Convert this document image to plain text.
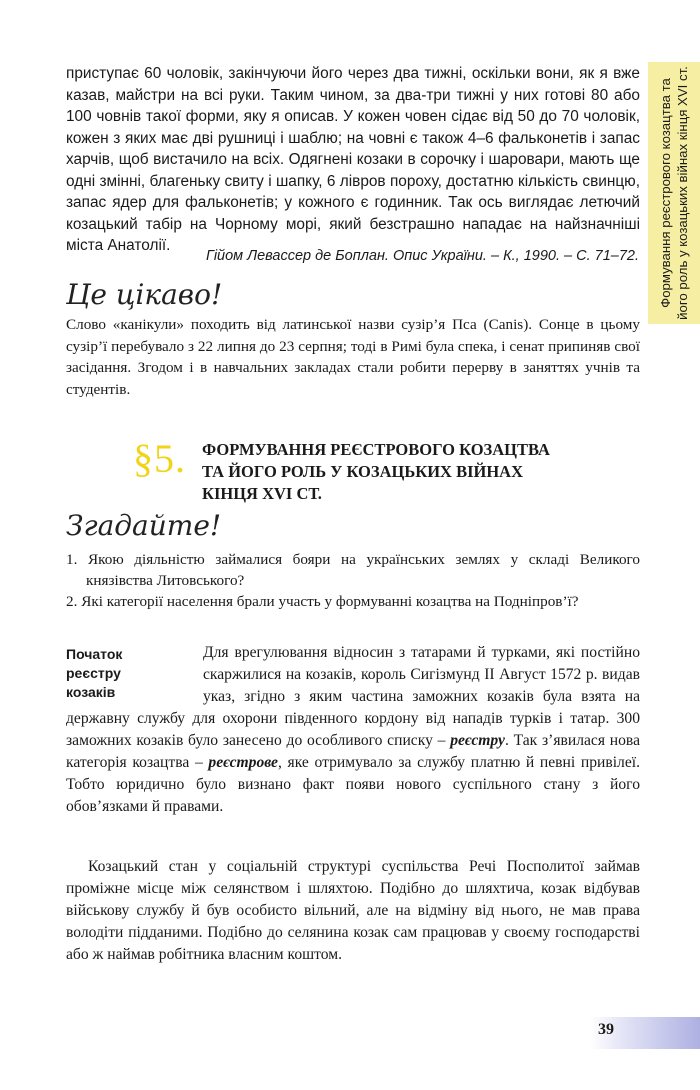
приступає 60 чоловік, закінчуючи його через два тижні, оскільки вони, як я вже казав, майстри на всі руки. Таким чином, за два-три тижні у них готові 80 або 100 човнів такої форми, яку я описав. У кожен човен сідає від 50 до 70 чоловік, кожен з яких має дві рушниці і шаблю; на човні є також 4–6 фальконетів і запас харчів, щоб вистачило на всіх. Одягнені козаки в сорочку і шаровари, мають ще одні змінні, благеньку свиту і шапку, 6 лівров пороху, достатню кількість свинцю, запас ядер для фальконетів; у кожного є годинник. Так ось виглядає летючий козацький табір на Чорному морі, який безстрашно нападає на найзначніші міста Анатолії.

Гійом Левассер де Боплан. Опис України. – К., 1990. – С. 71–72.

Це цікаво!

Слово «канікули» походить від латинської назви сузір’я Пса (Canis). Сонце в цьому сузір’ї перебувало з 22 липня до 23 серпня; тоді в Римі була спека, і сенат припиняв свої засідання. Згодом і в навчальних закладах стали робити перерву в заняттях учнів та студентів.

§5. ФОРМУВАННЯ РЕЄСТРОВОГО КОЗАЦТВА
ТА ЙОГО РОЛЬ У КОЗАЦЬКИХ ВІЙНАХ
КІНЦЯ XVI СТ.

Згадайте!

1. Якою діяльністю займалися бояри на українських землях у складі Великого князівства Литовського?
2. Які категорії населення брали участь у формуванні козацтва на Подніпров’ї?

Початок
реєстру
козаків

Для врегулювання відносин з татарами й турками, які постійно скаржилися на козаків, король Сигізмунд II Август 1572 р. видав указ, згідно з яким частина заможних козаків була взята на державну службу для охорони південного кордону від нападів турків і татар. 300 заможних козаків було занесено до особливого списку – реєстру. Так з’явилася нова категорія козацтва – реєстрове, яке отримувало за службу платню й певні привілеї. Тобто юридично було визнано факт появи нового суспільного стану з його обов’язками й правами.

Козацький стан у соціальній структурі суспільства Речі Посполитої займав проміжне місце між селянством і шляхтою. Подібно до шляхтича, козак відбував військову службу й був особисто вільний, але на відміну від нього, не мав права володіти підданими. Подібно до селянина козак сам працював у своєму господарстві або ж наймав робітника власним коштом.

Формування реєстрового козацтва та його роль у козацьких війнах кінця XVI ст.

39
